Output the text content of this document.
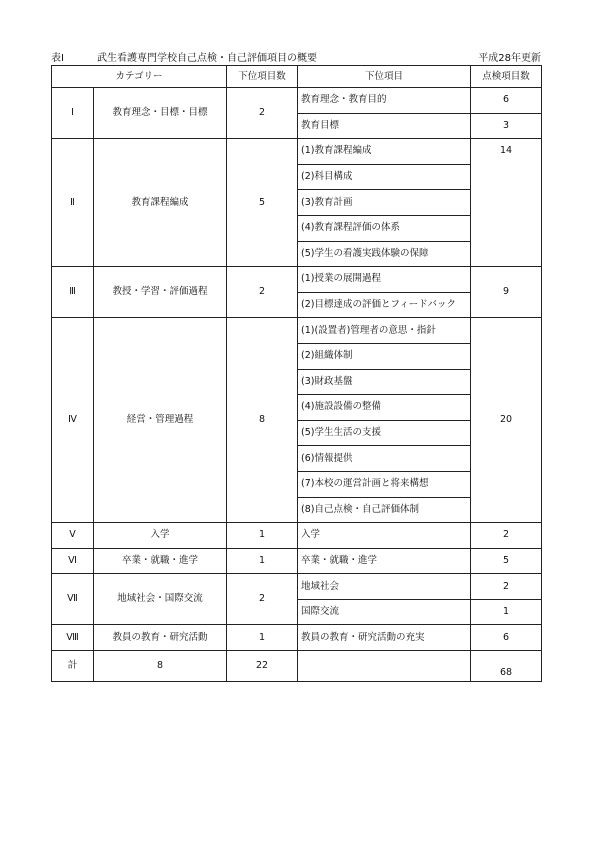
表Ⅰ	武生看護専門学校自己点検・自己評価項目の概要	平成28年更新
カテゴリー		下位項目数	下位項目	点検項目数
Ⅰ	教育理念・目標・目標	2	教育理念・教育目的	6
			教育目標	3
Ⅱ	教育課程編成	5	(1)教育課程編成	14
			(2)科目構成	
			(3)教育計画	
			(4)教育課程評価の体系	
			(5)学生の看護実践体験の保障	
Ⅲ	教授・学習・評価過程	2	(1)授業の展開過程	9
			(2)目標達成の評価とフィードバック	
Ⅳ	経営・管理過程	8	(1)(設置者)管理者の意思・指針	20
			(2)組織体制	
			(3)財政基盤	
			(4)施設設備の整備	
			(5)学生生活の支援	
			(6)情報提供	
			(7)本校の運営計画と将来構想	
			(8)自己点検・自己評価体制	
Ⅴ	入学	1	入学	2
Ⅵ	卒業・就職・進学	1	卒業・就職・進学	5
Ⅶ	地域社会・国際交流	2	地域社会	2
			国際交流	1
Ⅷ	教員の教育・研究活動	1	教員の教育・研究活動の充実	6
計	8	22		68
